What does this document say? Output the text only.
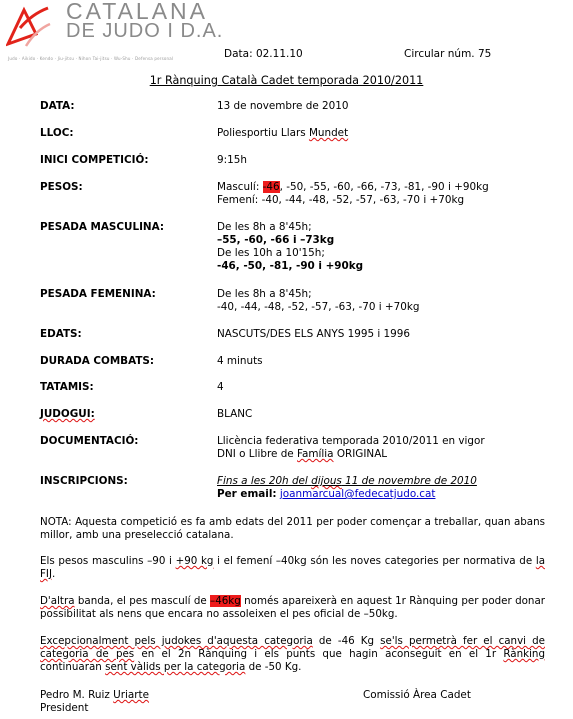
CATALANA
DE JUDO I D.A.
Judo · Aikido · Kendo · Jiu-jitsu · Nihon Tai-jitsu · Wu-Shu · Defensa personal	Data: 02.11.10	Circular núm. 75
1r Rànquing Català Cadet temporada 2010/2011
DATA:	13 de novembre de 2010
LLOC:	Poliesportiu Llars Mundet
INICI COMPETICIÓ:	9:15h
PESOS:	Masculí: -46, -50, -55, -60, -66, -73, -81, -90 i +90kg
Femení: -40, -44, -48, -52, -57, -63, -70 i +70kg
PESADA MASCULINA:	De les 8h a 8'45h;
–55, -60, -66 i –73kg
De les 10h a 10'15h;
-46, -50, -81, -90 i +90kg
PESADA FEMENINA:	De les 8h a 8'45h;
-40, -44, -48, -52, -57, -63, -70 i +70kg
EDATS:	NASCUTS/DES ELS ANYS 1995 i 1996
DURADA COMBATS:	4 minuts
TATAMIS:	4
JUDOGUI:	BLANC
DOCUMENTACIÓ:	Llicència federativa temporada 2010/2011 en vigor
DNI o Llibre de Família ORIGINAL
INSCRIPCIONS:	Fins a les 20h del dijous 11 de novembre de 2010
Per email: joanmarcual@fedecatjudo.cat
NOTA: Aquesta competició es fa amb edats del 2011 per poder començar a treballar, quan abans millor, amb una preselecció catalana.
Els pesos masculins –90 i +90 kg i el femení –40kg són les noves categories per normativa de la FIJ.
D'altra banda, el pes masculí de –46kg només apareixerà en aquest 1r Rànquing per poder donar possibilitat als nens que encara no assoleixen el pes oficial de –50kg.
Excepcionalment pels judokes d'aquesta categoria de -46 Kg se'ls permetrà fer el canvi de categoria de pes en el 2n Rànquing i els punts que hagin aconseguit en el 1r Rànking continuaran sent vàlids per la categoria de -50 Kg.
Pedro M. Ruiz Uriarte
President
Comissió Àrea Cadet
